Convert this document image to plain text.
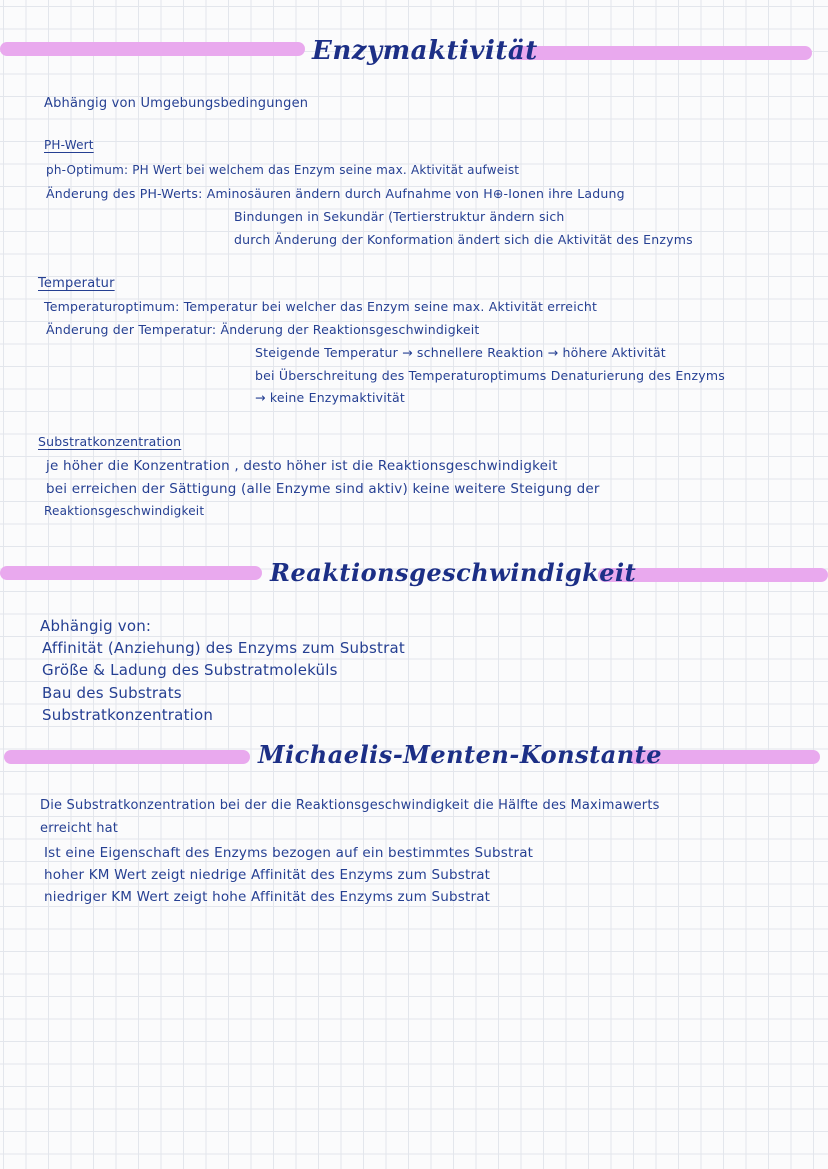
Enzymaktivität
Abhängig von Umgebungsbedingungen
PH-Wert
ph-Optimum: PH Wert bei welchem das Enzym seine max. Aktivität aufweist
Änderung des PH-Werts: Aminosäuren ändern durch Aufnahme von H⊕-Ionen ihre Ladung
Bindungen in Sekundär (Tertierstruktur ändern sich
durch Änderung der Konformation ändert sich die Aktivität des Enzyms
Temperatur
Temperaturoptimum: Temperatur bei welcher das Enzym seine max. Aktivität erreicht
Änderung der Temperatur: Änderung der Reaktionsgeschwindigkeit
Steigende Temperatur → schnellere Reaktion → höhere Aktivität
bei Überschreitung des Temperaturoptimums Denaturierung des Enzyms
→ keine Enzymaktivität
Substratkonzentration
je höher die Konzentration , desto höher ist die Reaktionsgeschwindigkeit
bei erreichen der Sättigung (alle Enzyme sind aktiv) keine weitere Steigung der
Reaktionsgeschwindigkeit
Reaktionsgeschwindigkeit
Abhängig von:
Affinität (Anziehung) des Enzyms zum Substrat
Größe & Ladung des Substratmoleküls
Bau des Substrats
Substratkonzentration
Michaelis-Menten-Konstante
Die Substratkonzentration bei der die Reaktionsgeschwindigkeit die Hälfte des Maximawerts
erreicht hat
Ist eine Eigenschaft des Enzyms bezogen auf ein bestimmtes Substrat
hoher KM Wert zeigt niedrige Affinität des Enzyms zum Substrat
niedriger KM Wert zeigt hohe Affinität des Enzyms zum Substrat
